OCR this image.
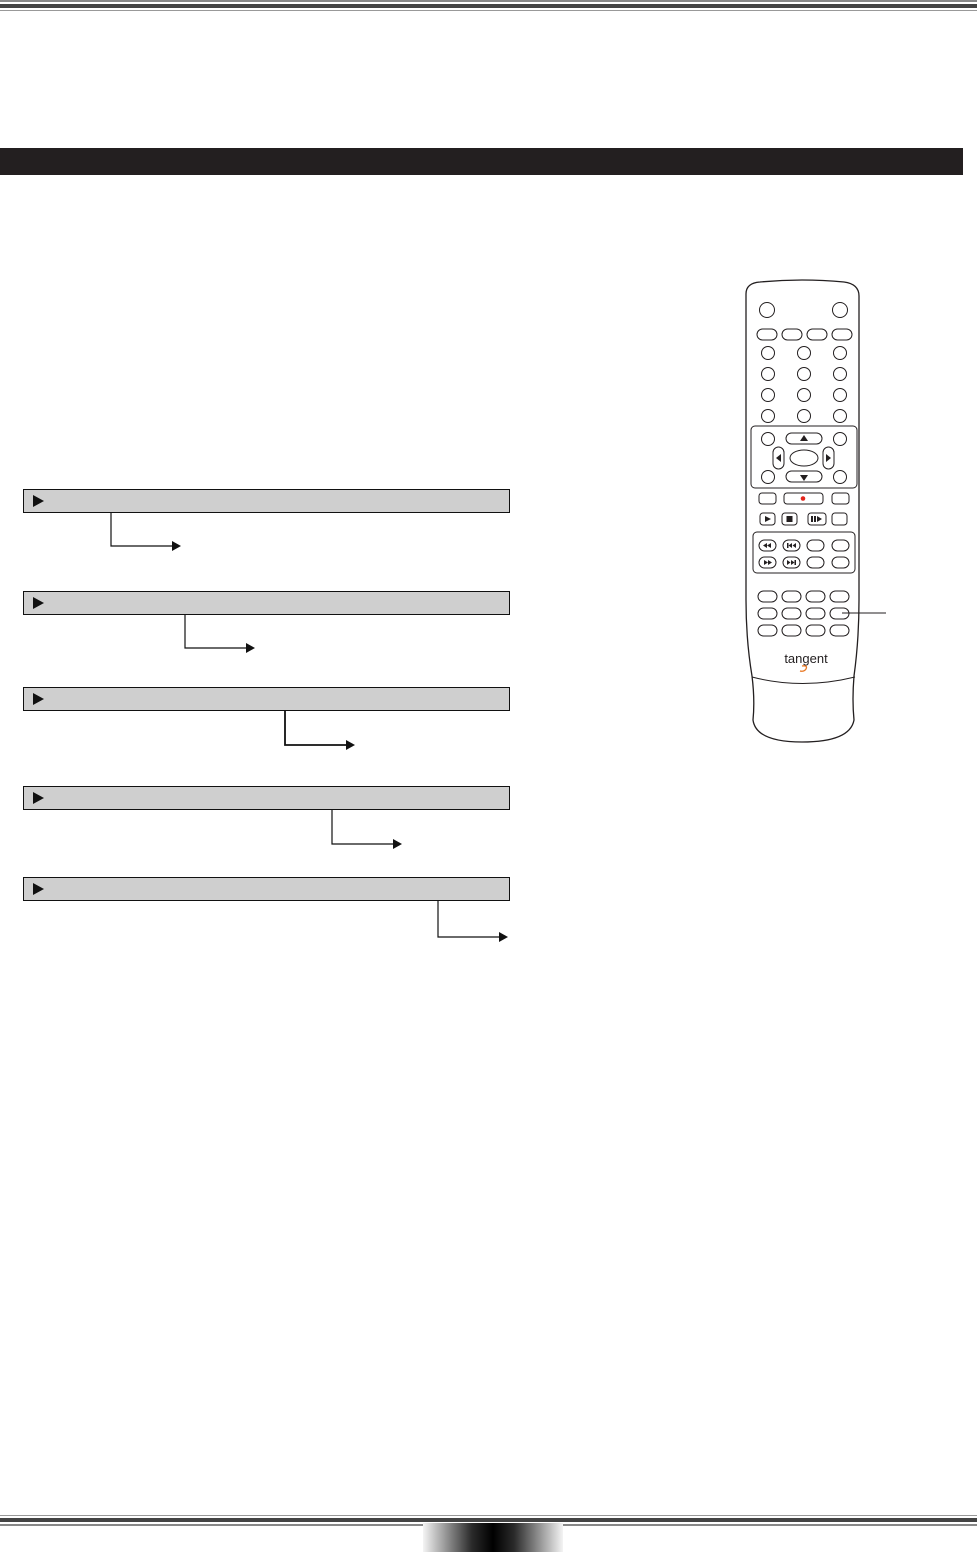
tangent
